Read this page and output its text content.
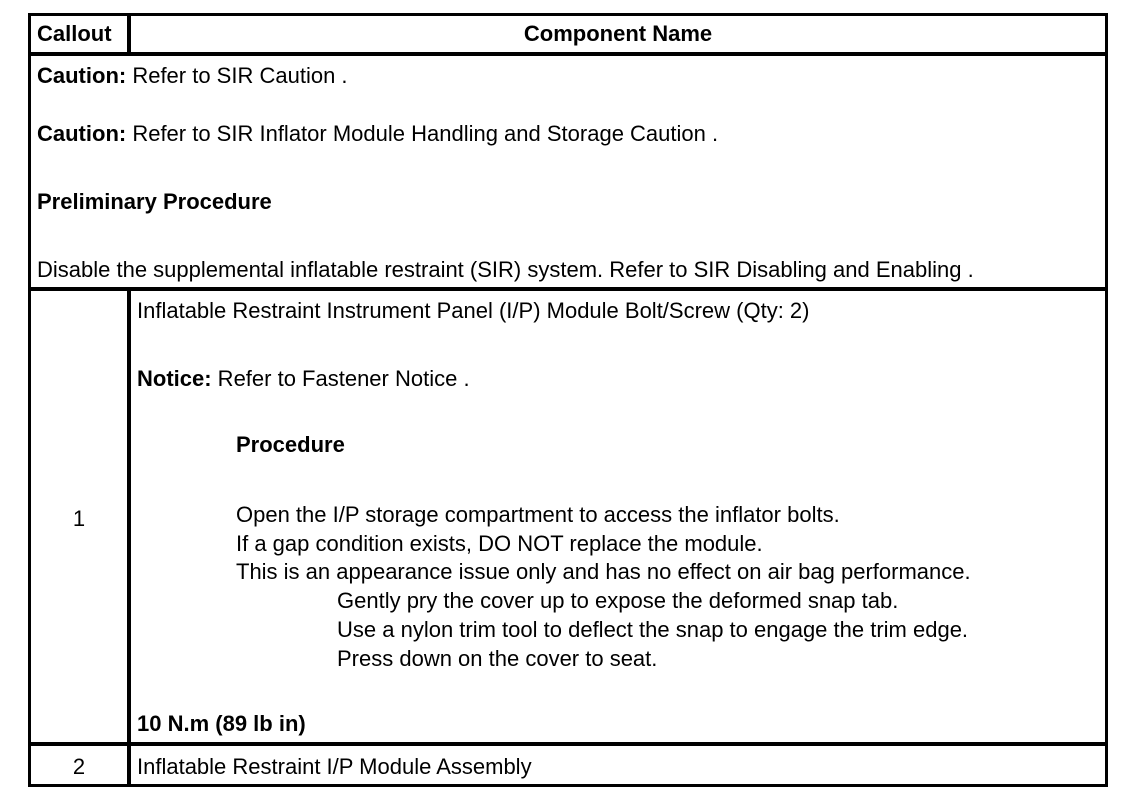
Callout	Component Name
Caution: Refer to SIR Caution .
Caution: Refer to SIR Inflator Module Handling and Storage Caution .
Preliminary Procedure
Disable the supplemental inflatable restraint (SIR) system. Refer to SIR Disabling and Enabling .
1
Inflatable Restraint Instrument Panel (I/P) Module Bolt/Screw (Qty: 2)
Notice: Refer to Fastener Notice .
Procedure
Open the I/P storage compartment to access the inflator bolts.
If a gap condition exists, DO NOT replace the module.
This is an appearance issue only and has no effect on air bag performance.
Gently pry the cover up to expose the deformed snap tab.
Use a nylon trim tool to deflect the snap to engage the trim edge.
Press down on the cover to seat.
10 N.m (89 lb in)
2	Inflatable Restraint I/P Module Assembly
